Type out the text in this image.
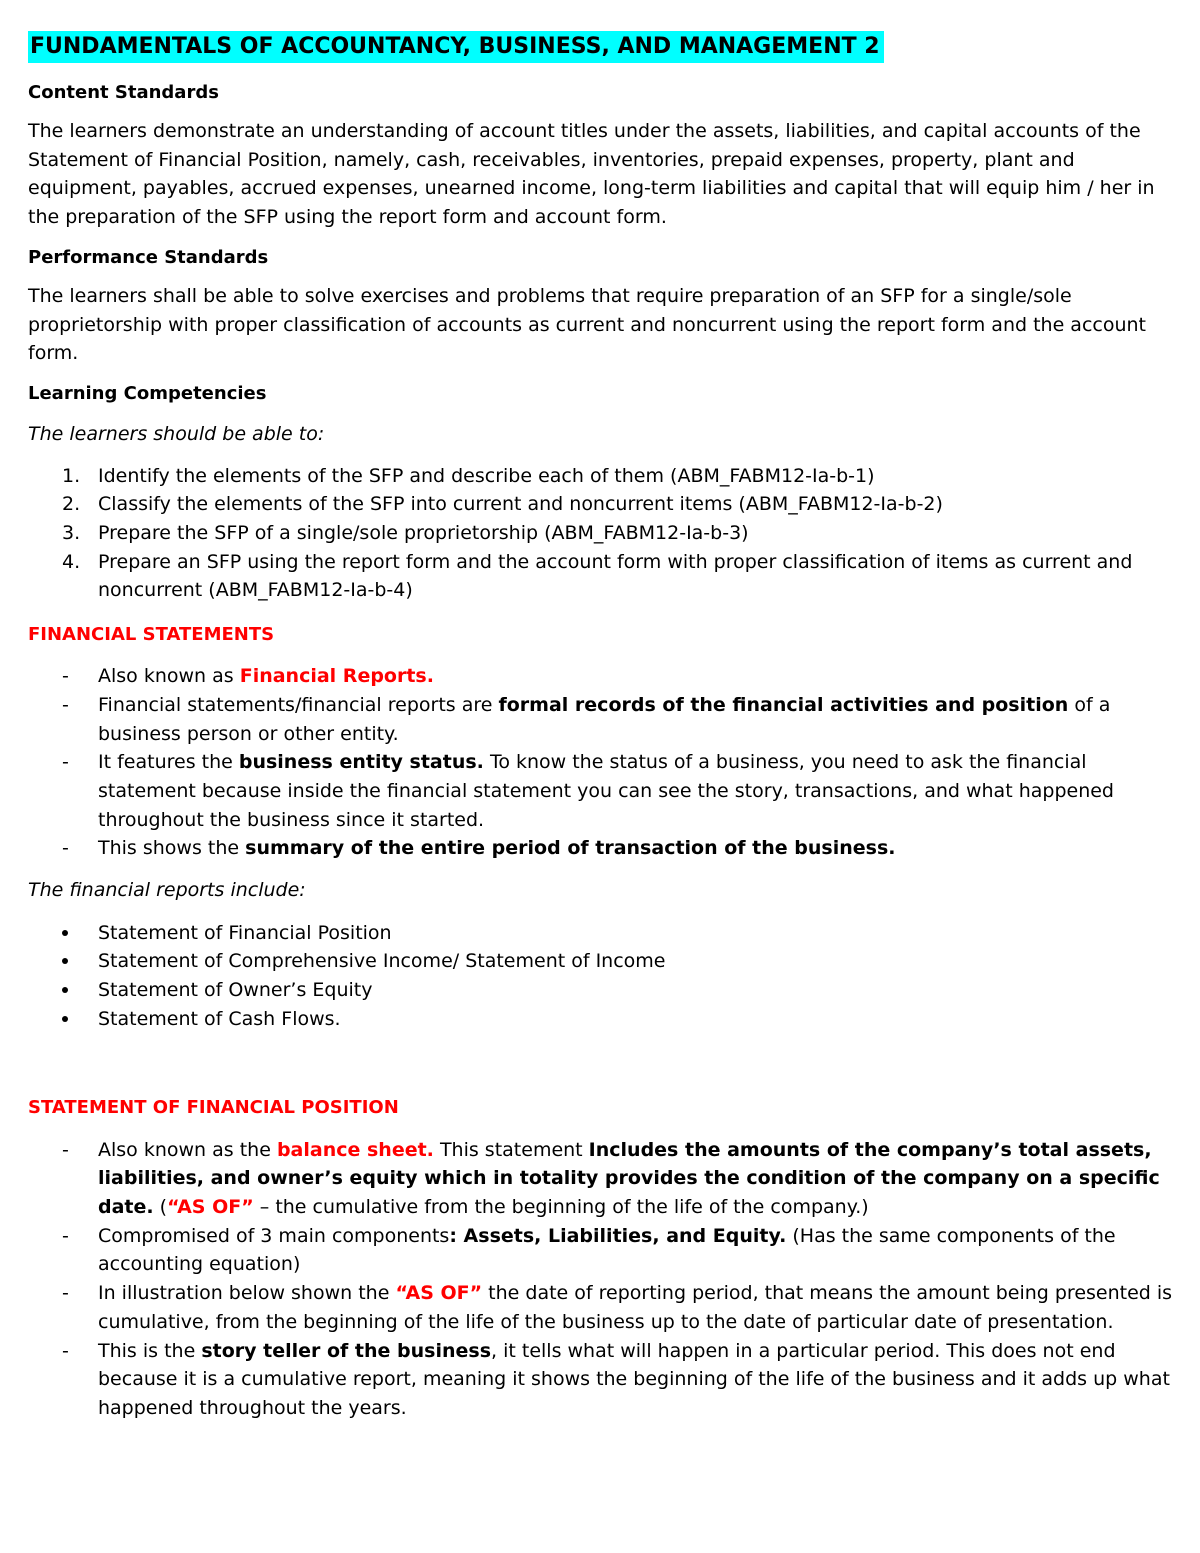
FUNDAMENTALS OF ACCOUNTANCY, BUSINESS, AND MANAGEMENT 2
Content Standards
The learners demonstrate an understanding of account titles under the assets, liabilities, and capital accounts of the Statement of Financial Position, namely, cash, receivables, inventories, prepaid expenses, property, plant and equipment, payables, accrued expenses, unearned income, long-term liabilities and capital that will equip him / her in the preparation of the SFP using the report form and account form.
Performance Standards
The learners shall be able to solve exercises and problems that require preparation of an SFP for a single/sole proprietorship with proper classification of accounts as current and noncurrent using the report form and the account form.
Learning Competencies
The learners should be able to:
1. Identify the elements of the SFP and describe each of them (ABM_FABM12-Ia-b-1)
2. Classify the elements of the SFP into current and noncurrent items (ABM_FABM12-Ia-b-2)
3. Prepare the SFP of a single/sole proprietorship (ABM_FABM12-Ia-b-3)
4. Prepare an SFP using the report form and the account form with proper classification of items as current and noncurrent (ABM_FABM12-Ia-b-4)
FINANCIAL STATEMENTS
- Also known as Financial Reports.
- Financial statements/financial reports are formal records of the financial activities and position of a business person or other entity.
- It features the business entity status. To know the status of a business, you need to ask the financial statement because inside the financial statement you can see the story, transactions, and what happened throughout the business since it started.
- This shows the summary of the entire period of transaction of the business.
The financial reports include:
Statement of Financial Position
Statement of Comprehensive Income/ Statement of Income
Statement of Owner’s Equity
Statement of Cash Flows.
STATEMENT OF FINANCIAL POSITION
- Also known as the balance sheet. This statement Includes the amounts of the company’s total assets, liabilities, and owner’s equity which in totality provides the condition of the company on a specific date. (“AS OF” – the cumulative from the beginning of the life of the company.)
- Compromised of 3 main components: Assets, Liabilities, and Equity. (Has the same components of the accounting equation)
- In illustration below shown the “AS OF” the date of reporting period, that means the amount being presented is cumulative, from the beginning of the life of the business up to the date of particular date of presentation.
- This is the story teller of the business, it tells what will happen in a particular period. This does not end because it is a cumulative report, meaning it shows the beginning of the life of the business and it adds up what happened throughout the years.
